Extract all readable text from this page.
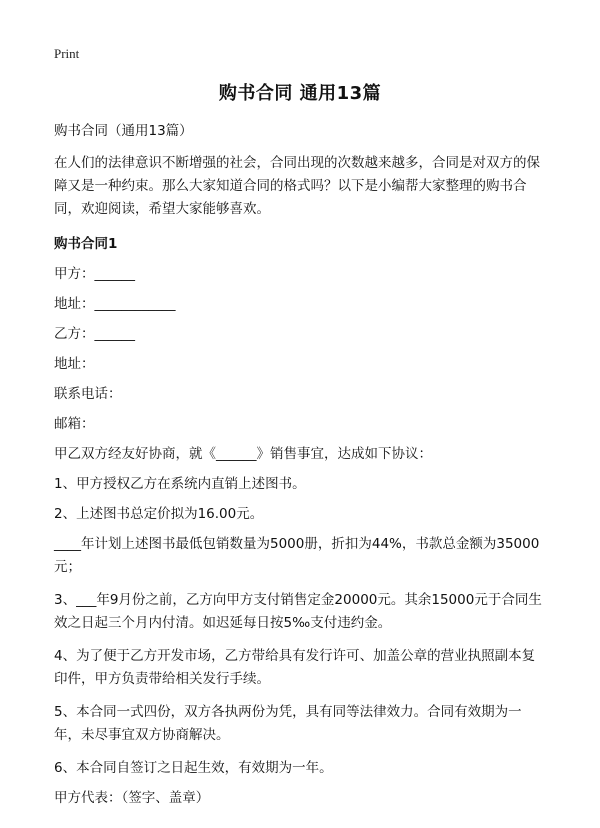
Print
购书合同 通用13篇

购书合同（通用13篇）

在人们的法律意识不断增强的社会，合同出现的次数越来越多，合同是对双方的保障又是一种约束。那么大家知道合同的格式吗？以下是小编帮大家整理的购书合同，欢迎阅读，希望大家能够喜欢。

购书合同1

甲方：______

地址：____________

乙方：______

地址：

联系电话：

邮箱：

甲乙双方经友好协商，就《______》销售事宜，达成如下协议：

1、甲方授权乙方在系统内直销上述图书。

2、上述图书总定价拟为16.00元。

____年计划上述图书最低包销数量为5000册，折扣为44%，书款总金额为35000元；

3、___年9月份之前，乙方向甲方支付销售定金20000元。其余15000元于合同生效之日起三个月内付清。如迟延每日按5‰支付违约金。

4、为了便于乙方开发市场，乙方带给具有发行许可、加盖公章的营业执照副本复印件，甲方负责带给相关发行手续。

5、本合同一式四份，双方各执两份为凭，具有同等法律效力。合同有效期为一年，未尽事宜双方协商解决。

6、本合同自签订之日起生效，有效期为一年。

甲方代表：（签字、盖章）
